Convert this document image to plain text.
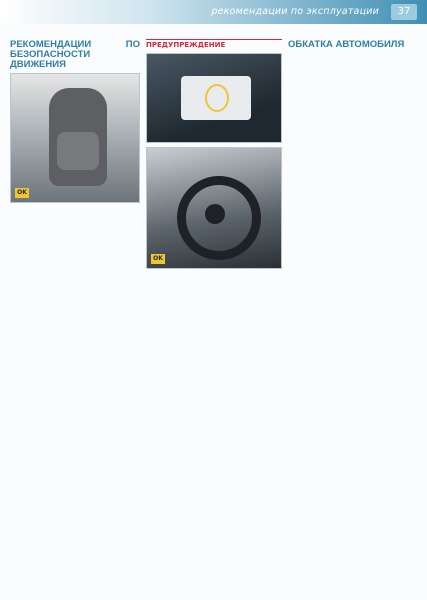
рекомендации по эксплуатации	37

РЕКОМЕНДАЦИИ ПО БЕЗОПАСНОСТИ ДВИЖЕНИЯ

OK

ПРЕДУПРЕЖДЕНИЕ

OK

ОБКАТКА АВТОМОБИЛЯ
